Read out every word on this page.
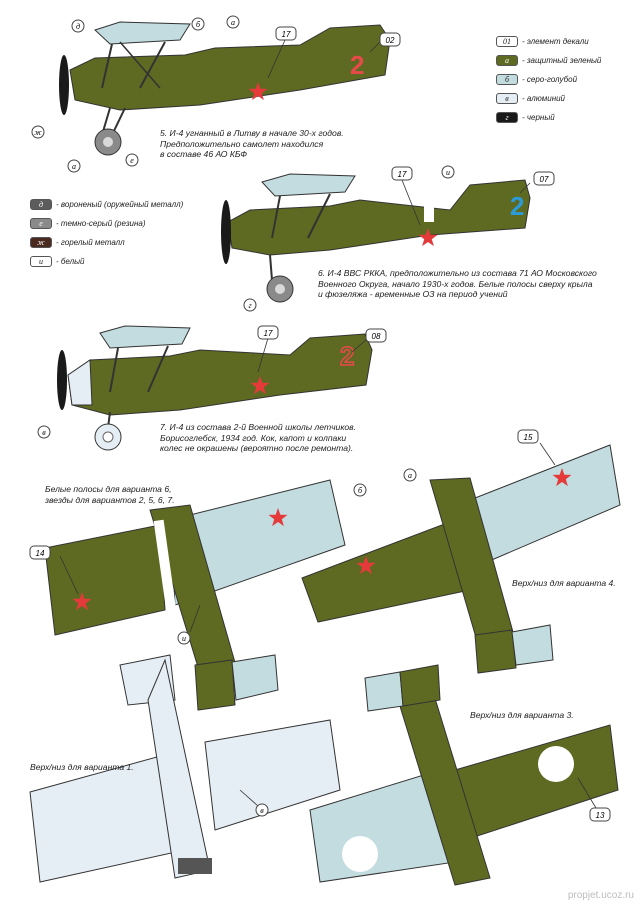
2
2
2
02
17
07
17
08
17
15
14
13
д	б	а
ж
а
е
и
г
в
б
а
и
в
01	- элемент декали
а	- защитный зеленый
б	- серо-голубой
в	- алюминий
г	- черный
д	- вороненый (оружейный металл)
е	- темно-серый (резина)
ж	- горелый металл
и	- белый
5. И-4 угнанный в Литву в начале 30-х годов.
Предположительно самолет находился
в составе 46 АО КБФ
6. И-4 ВВС РККА, предположительно из состава 71 АО Московского
Военного Округа, начало 1930-х годов. Белые полосы сверху крыла
и фюзеляжа - временные ОЗ на период учений
7. И-4 из состава 2-й Военной школы летчиков.
Борисоглебск, 1934 год. Кок, капот и колпаки
колес не окрашены (вероятно после ремонта).
Белые полосы для варианта 6,
звезды для вариантов 2, 5, 6, 7.
Верх/низ для варианта 4.
Верх/низ для варианта 3.
Верх/низ для варианта 1.
propjet.ucoz.ru
